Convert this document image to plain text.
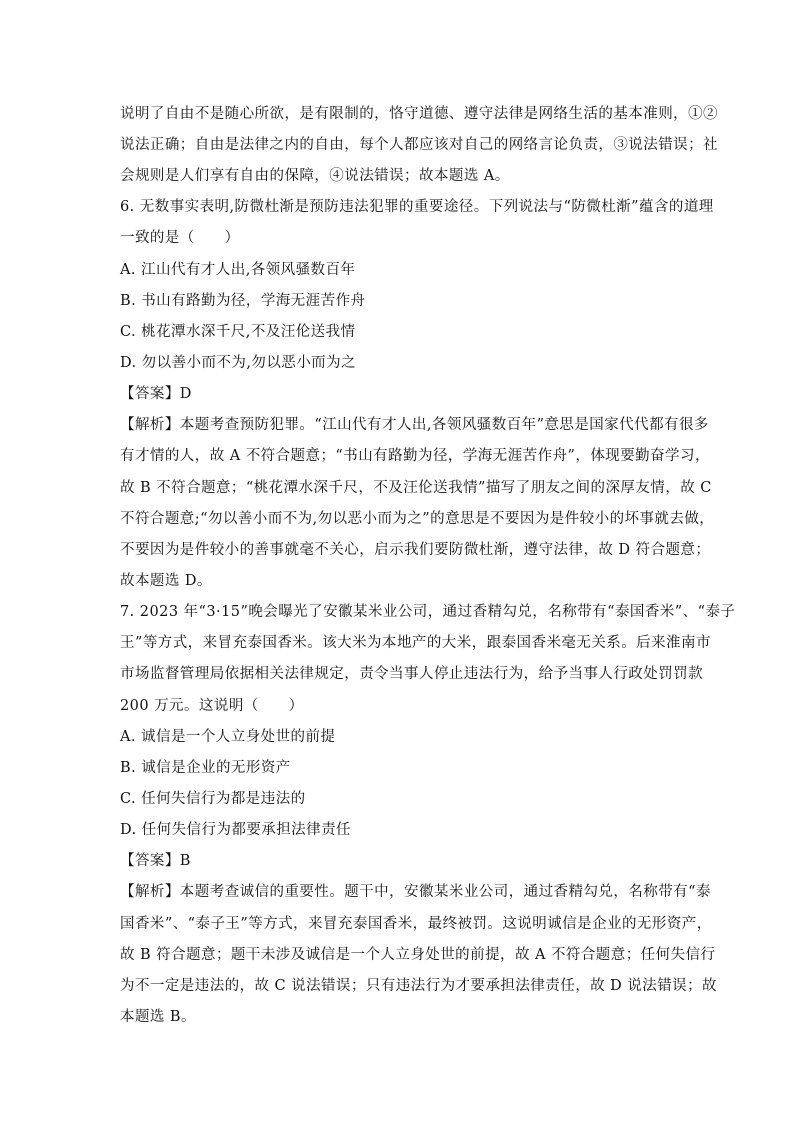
说明了自由不是随心所欲，是有限制的，恪守道德、遵守法律是网络生活的基本准则，①②
说法正确；自由是法律之内的自由，每个人都应该对自己的网络言论负责，③说法错误；社
会规则是人们享有自由的保障，④说法错误；故本题选 A。
6. 无数事实表明,防微杜渐是预防违法犯罪的重要途径。下列说法与“防微杜渐”蕴含的道理
一致的是（　　）
A. 江山代有才人出,各领风骚数百年
B. 书山有路勤为径，学海无涯苦作舟
C. 桃花潭水深千尺,不及汪伦送我情
D. 勿以善小而不为,勿以恶小而为之
【答案】D
【解析】本题考查预防犯罪。“江山代有才人出,各领风骚数百年”意思是国家代代都有很多
有才情的人，故 A 不符合题意；“书山有路勤为径，学海无涯苦作舟”，体现要勤奋学习，
故 B 不符合题意；“桃花潭水深千尺，不及汪伦送我情”描写了朋友之间的深厚友情，故 C
不符合题意;“勿以善小而不为,勿以恶小而为之”的意思是不要因为是件较小的坏事就去做，
不要因为是件较小的善事就毫不关心，启示我们要防微杜渐，遵守法律，故 D 符合题意；
故本题选 D。
7. 2023 年“3·15”晚会曝光了安徽某米业公司，通过香精勾兑，名称带有“泰国香米”、“泰子
王”等方式，来冒充泰国香米。该大米为本地产的大米，跟泰国香米毫无关系。后来淮南市
市场监督管理局依据相关法律规定，责令当事人停止违法行为，给予当事人行政处罚罚款
200 万元。这说明（　　）
A. 诚信是一个人立身处世的前提
B. 诚信是企业的无形资产
C. 任何失信行为都是违法的
D. 任何失信行为都要承担法律责任
【答案】B
【解析】本题考查诚信的重要性。题干中，安徽某米业公司，通过香精勾兑，名称带有“泰
国香米”、“泰子王”等方式，来冒充泰国香米，最终被罚。这说明诚信是企业的无形资产，
故 B 符合题意；题干未涉及诚信是一个人立身处世的前提，故 A 不符合题意；任何失信行
为不一定是违法的，故 C 说法错误；只有违法行为才要承担法律责任，故 D 说法错误；故
本题选 B。
